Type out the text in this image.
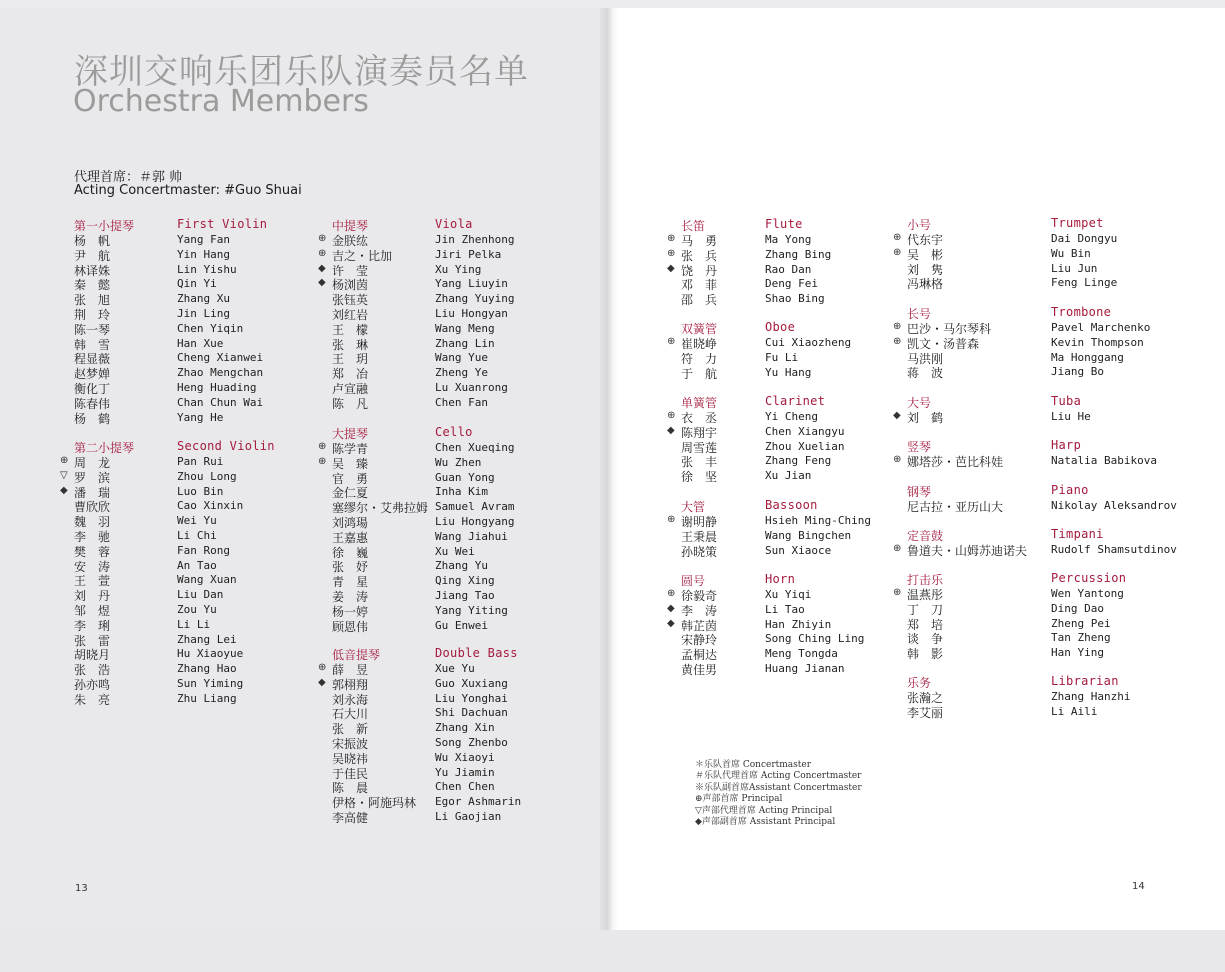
深圳交响乐团乐队演奏员名单
Orchestra Members
代理首席：＃郭 帅
Acting Concertmaster: #Guo Shuai
第一小提琴	First Violin
杨　帆	Yang Fan
尹　航	Yin Hang
林译姝	Lin Yishu
秦　懿	Qin Yi
张　旭	Zhang Xu
荆　玲	Jin Ling
陈一琴	Chen Yiqin
韩　雪	Han Xue
程显薇	Cheng Xianwei
赵梦婵	Zhao Mengchan
衡化丁	Heng Huading
陈春伟	Chan Chun Wai
杨　鹤	Yang He
第二小提琴	Second Violin
⊕ 周　龙	Pan Rui
▽ 罗　滨	Zhou Long
◆ 潘　瑞	Luo Bin
曹欣欣	Cao Xinxin
魏　羽	Wei Yu
李　驰	Li Chi
樊　蓉	Fan Rong
安　涛	An Tao
王　萱	Wang Xuan
刘　丹	Liu Dan
邹　煜	Zou Yu
李　琍	Li Li
张　雷	Zhang Lei
胡晓月	Hu Xiaoyue
张　浩	Zhang Hao
孙亦鸣	Sun Yiming
朱　亮	Zhu Liang
中提琴	Viola
⊕ 金朕纮	Jin Zhenhong
⊕ 吉之・比加	Jiri Pelka
◆ 许　莹	Xu Ying
◆ 杨浏茵	Yang Liuyin
张钰英	Zhang Yuying
刘红岩	Liu Hongyan
王　檬	Wang Meng
张　琳	Zhang Lin
王　玥	Wang Yue
郑　冶	Zheng Ye
卢宣融	Lu Xuanrong
陈　凡	Chen Fan
大提琴	Cello
⊕ 陈学青	Chen Xueqing
⊕ 吴　臻	Wu Zhen
官　勇	Guan Yong
金仁夏	Inha Kim
塞缪尔・艾弗拉姆 Samuel Avram
刘鸿瑒	Liu Hongyang
王嘉惠	Wang Jiahui
徐　巍	Xu Wei
张　妤	Zhang Yu
青　星	Qing Xing
姜　涛	Jiang Tao
杨一婷	Yang Yiting
顾恩伟	Gu Enwei
低音提琴	Double Bass
⊕ 薛　昱	Xue Yu
◆ 郭栩翔	Guo Xuxiang
刘永海	Liu Yonghai
石大川	Shi Dachuan
张　新	Zhang Xin
宋振波	Song Zhenbo
吴晓祎	Wu Xiaoyi
于佳民	Yu Jiamin
陈　晨	Chen Chen
伊格・阿施玛林 Egor Ashmarin
李高健	Li Gaojian
长笛	Flute
⊕ 马　勇	Ma Yong
⊕ 张　兵	Zhang Bing
◆ 饶　丹	Rao Dan
邓　菲	Deng Fei
邵　兵	Shao Bing
双簧管	Oboe
⊕ 崔晓峥	Cui Xiaozheng
符　力	Fu Li
于　航	Yu Hang
单簧管	Clarinet
⊕ 衣　丞	Yi Cheng
◆ 陈翔宇	Chen Xiangyu
周雪莲	Zhou Xuelian
张　丰	Zhang Feng
徐　坚	Xu Jian
大管	Bassoon
⊕ 谢明静	Hsieh Ming-Ching
王秉晨	Wang Bingchen
孙晓策	Sun Xiaoce
圆号	Horn
⊕ 徐毅奇	Xu Yiqi
◆ 李　涛	Li Tao
◆ 韩芷茵	Han Zhiyin
宋静玲	Song Ching Ling
孟桐达	Meng Tongda
黄佳男	Huang Jianan
小号	Trumpet
⊕ 代东宇	Dai Dongyu
⊕ 吴　彬	Wu Bin
刘　隽	Liu Jun
冯琳格	Feng Linge
长号	Trombone
⊕ 巴沙・马尔琴科	Pavel Marchenko
⊕ 凯文・汤普森	Kevin Thompson
马洪刚	Ma Honggang
蒋　波	Jiang Bo
大号	Tuba
◆ 刘　鹤	Liu He
竖琴	Harp
⊕ 娜塔莎・芭比科娃	Natalia Babikova
钢琴	Piano
尼古拉・亚历山大	Nikolay Aleksandrov
定音鼓	Timpani
⊕ 鲁道夫・山姆苏迪诺夫 Rudolf Shamsutdinov
打击乐	Percussion
⊕ 温燕彤	Wen Yantong
丁　刀	Ding Dao
郑　培	Zheng Pei
谈　争	Tan Zheng
韩　影	Han Ying
乐务	Librarian
张瀚之	Zhang Hanzhi
李艾丽	Li Aili
＊乐队首席 Concertmaster
＃乐队代理首席 Acting Concertmaster
※乐队副首席Assistant Concertmaster
⊕声部首席 Principal
▽声部代理首席 Acting Principal
◆声部副首席 Assistant Principal
13	14
